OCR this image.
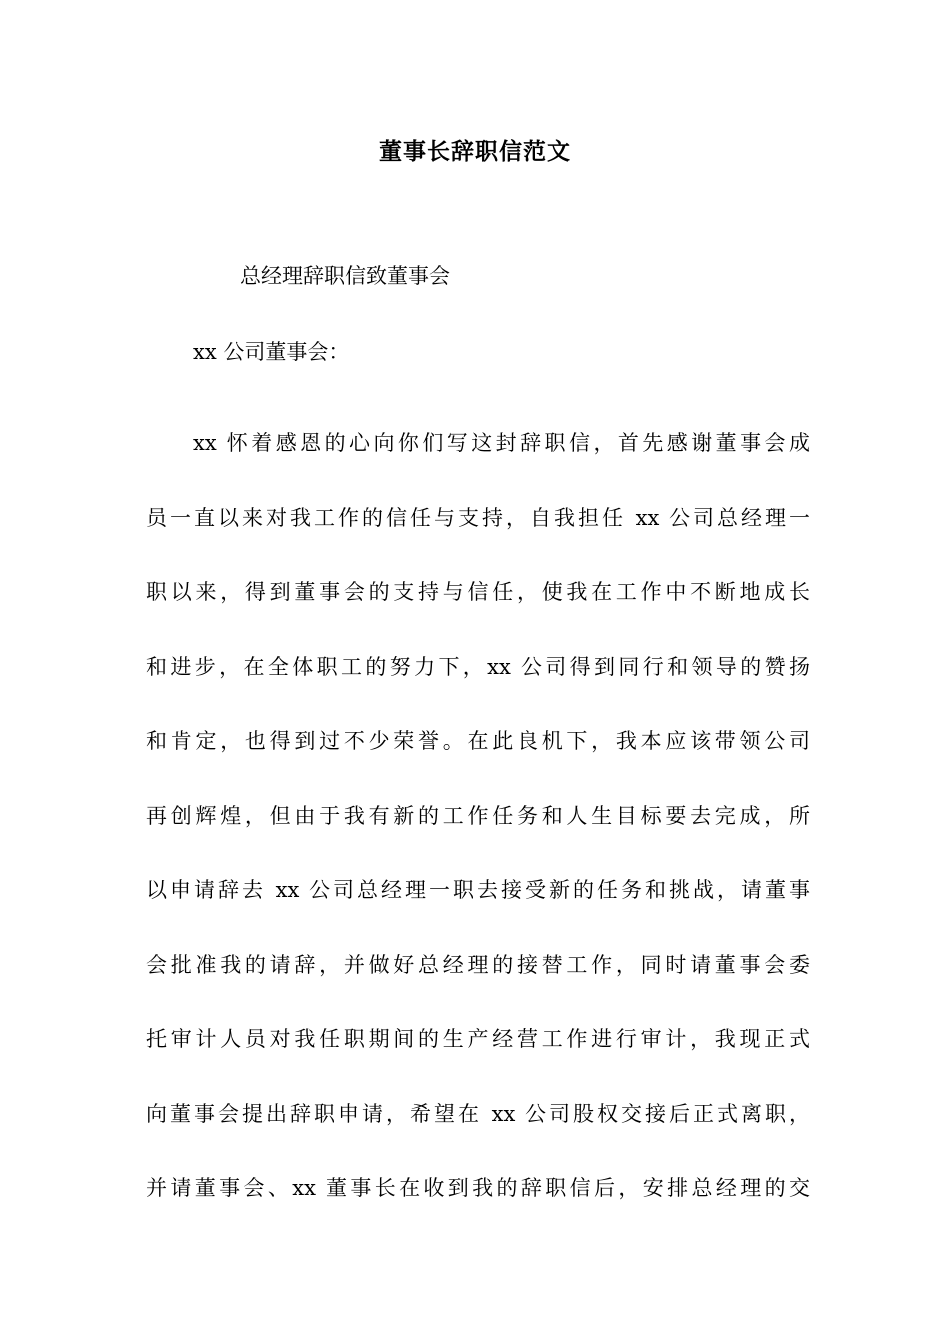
董事长辞职信范文
总经理辞职信致董事会
xx 公司董事会：
xx 怀着感恩的心向你们写这封辞职信，首先感谢董事会成
员一直以来对我工作的信任与支持，自我担任 xx 公司总经理一
职以来，得到董事会的支持与信任，使我在工作中不断地成长
和进步，在全体职工的努力下，xx 公司得到同行和领导的赞扬
和肯定，也得到过不少荣誉。在此良机下，我本应该带领公司
再创辉煌，但由于我有新的工作任务和人生目标要去完成，所
以申请辞去 xx 公司总经理一职去接受新的任务和挑战，请董事
会批准我的请辞，并做好总经理的接替工作，同时请董事会委
托审计人员对我任职期间的生产经营工作进行审计，我现正式
向董事会提出辞职申请，希望在 xx 公司股权交接后正式离职，
并请董事会、xx 董事长在收到我的辞职信后，安排总经理的交
